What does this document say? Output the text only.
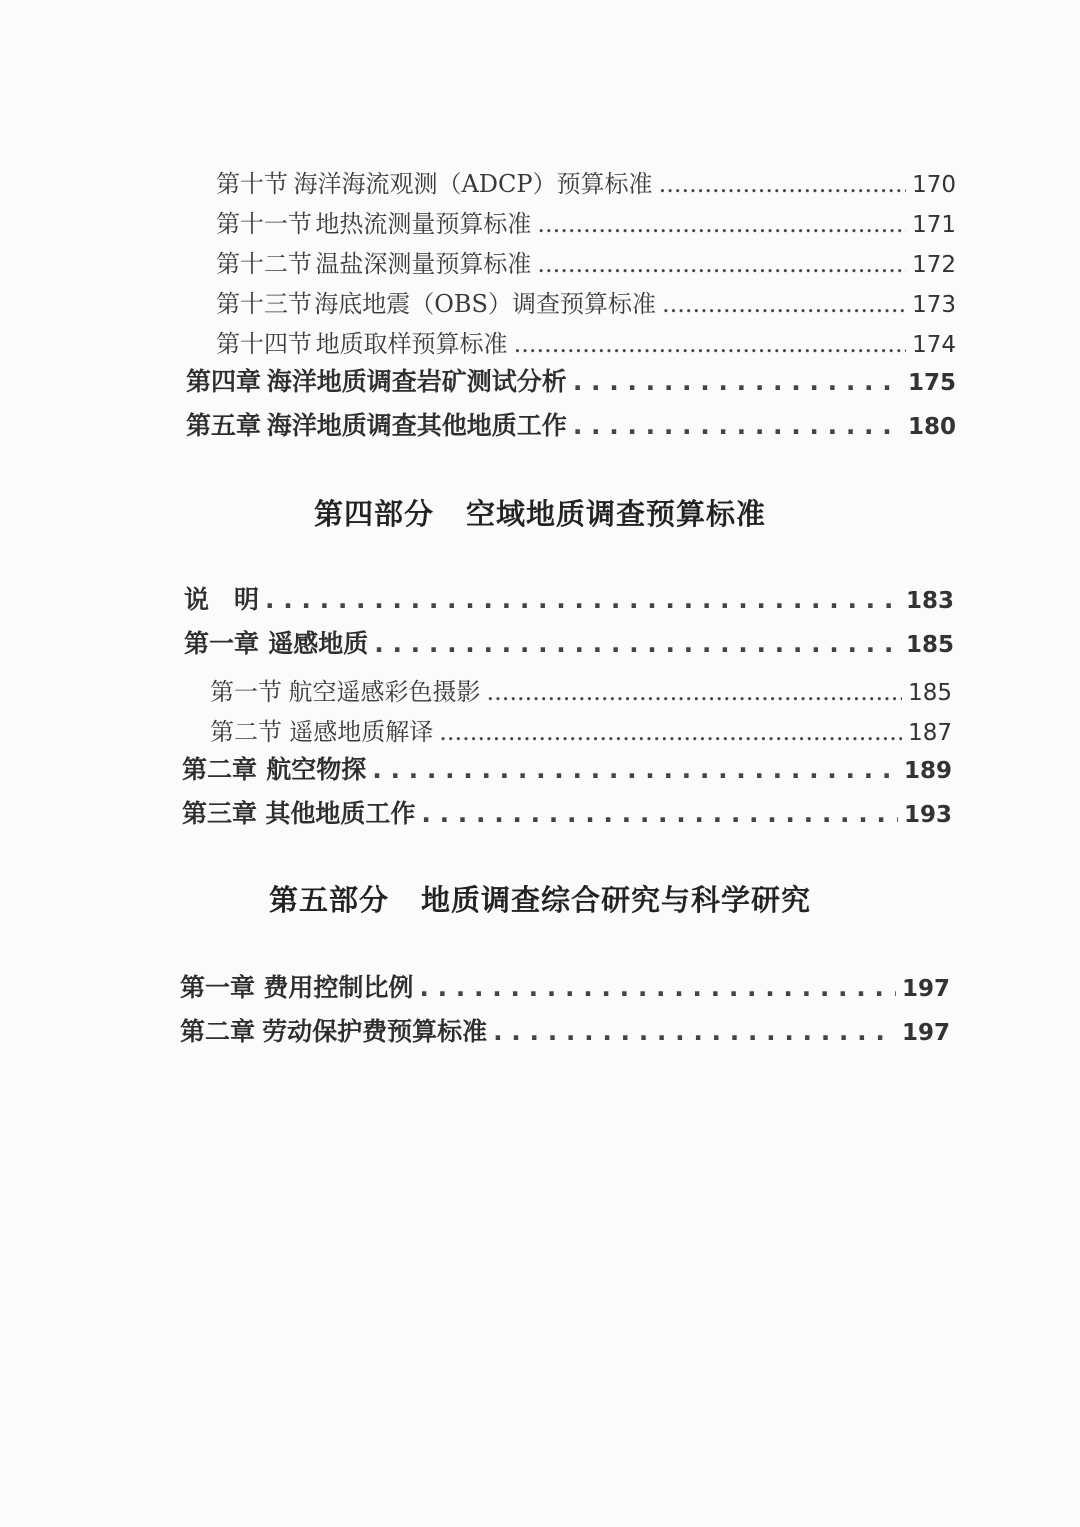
第十节 海洋海流观测（ADCP）预算标准 .....	170
第十一节 地热流测量预算标准 .....	171
第十二节 温盐深测量预算标准 .....	172
第十三节 海底地震（OBS）调查预算标准 .....	173
第十四节 地质取样预算标准 .....	174
第四章 海洋地质调查岩矿测试分析 . . .	175
第五章 海洋地质调查其他地质工作 . . .	180
第四部分 空域地质调查预算标准
说　明 . . .	183
第一章 遥感地质 . . .	185
第一节 航空遥感彩色摄影 .....	185
第二节 遥感地质解译 .....	187
第二章 航空物探 . . .	189
第三章 其他地质工作 . . .	193
第五部分 地质调查综合研究与科学研究
第一章 费用控制比例 . . .	197
第二章 劳动保护费预算标准 . . .	197
